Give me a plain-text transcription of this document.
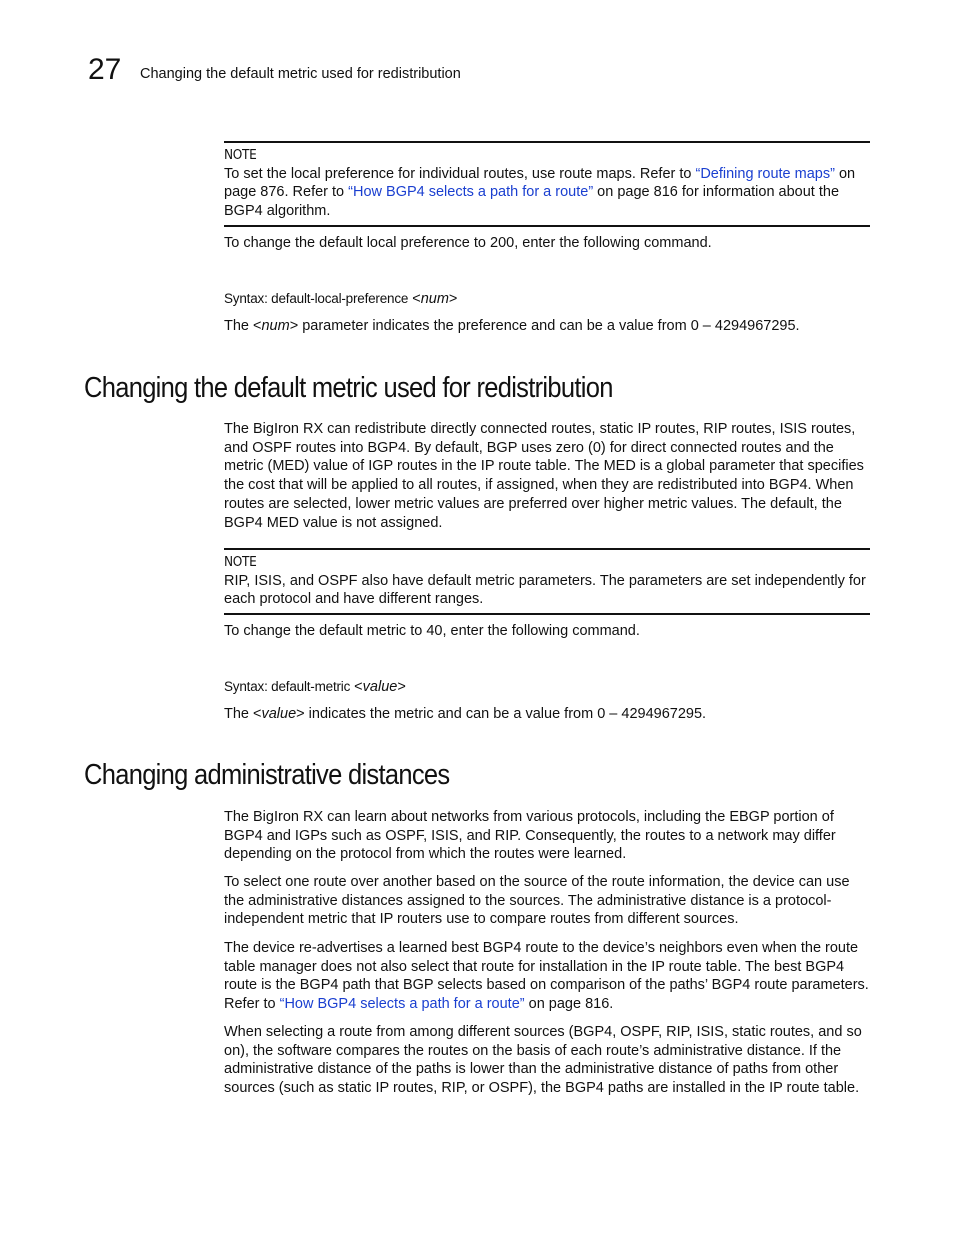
27 Changing the default metric used for redistribution
NOTE

To set the local preference for individual routes, use route maps. Refer to “Defining route maps” on page 876. Refer to “How BGP4 selects a path for a route” on page 816 for information about the BGP4 algorithm.

To change the default local preference to 200, enter the following command.
Syntax: default-local-preference <num>
The <num> parameter indicates the preference and can be a value from 0 – 4294967295.
Changing the default metric used for redistribution
The BigIron RX can redistribute directly connected routes, static IP routes, RIP routes, ISIS routes, and OSPF routes into BGP4. By default, BGP uses zero (0) for direct connected routes and the metric (MED) value of IGP routes in the IP route table. The MED is a global parameter that specifies the cost that will be applied to all routes, if assigned, when they are redistributed into BGP4. When routes are selected, lower metric values are preferred over higher metric values. The default, the BGP4 MED value is not assigned.
NOTE

RIP, ISIS, and OSPF also have default metric parameters. The parameters are set independently for each protocol and have different ranges.

To change the default metric to 40, enter the following command.
Syntax: default-metric <value>
The <value> indicates the metric and can be a value from 0 – 4294967295.
Changing administrative distances
The BigIron RX can learn about networks from various protocols, including the EBGP portion of BGP4 and IGPs such as OSPF, ISIS, and RIP. Consequently, the routes to a network may differ depending on the protocol from which the routes were learned.
To select one route over another based on the source of the route information, the device can use the administrative distances assigned to the sources. The administrative distance is a protocol-independent metric that IP routers use to compare routes from different sources.
The device re-advertises a learned best BGP4 route to the device’s neighbors even when the route table manager does not also select that route for installation in the IP route table. The best BGP4 route is the BGP4 path that BGP selects based on comparison of the paths’ BGP4 route parameters. Refer to “How BGP4 selects a path for a route” on page 816.
When selecting a route from among different sources (BGP4, OSPF, RIP, ISIS, static routes, and so on), the software compares the routes on the basis of each route’s administrative distance. If the administrative distance of the paths is lower than the administrative distance of paths from other sources (such as static IP routes, RIP, or OSPF), the BGP4 paths are installed in the IP route table.
